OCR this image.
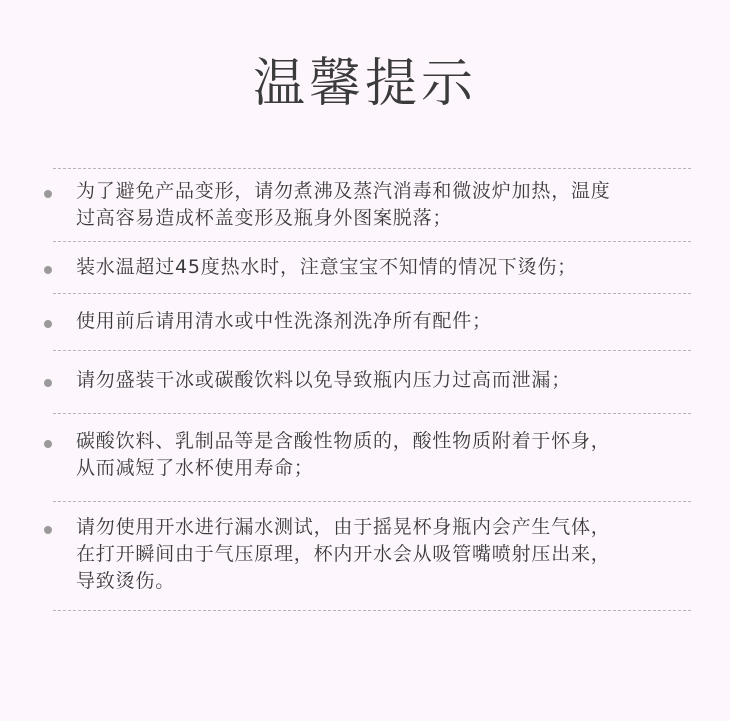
温馨提示
为了避免产品变形，请勿煮沸及蒸汽消毒和微波炉加热，温度
过高容易造成杯盖变形及瓶身外图案脱落；
装水温超过45度热水时，注意宝宝不知情的情况下烫伤；
使用前后请用清水或中性洗涤剂洗净所有配件；
请勿盛装干冰或碳酸饮料以免导致瓶内压力过高而泄漏；
碳酸饮料、乳制品等是含酸性物质的，酸性物质附着于怀身，
从而减短了水杯使用寿命；
请勿使用开水进行漏水测试，由于摇晃杯身瓶内会产生气体，
在打开瞬间由于气压原理，杯内开水会从吸管嘴喷射压出来，
导致烫伤。
